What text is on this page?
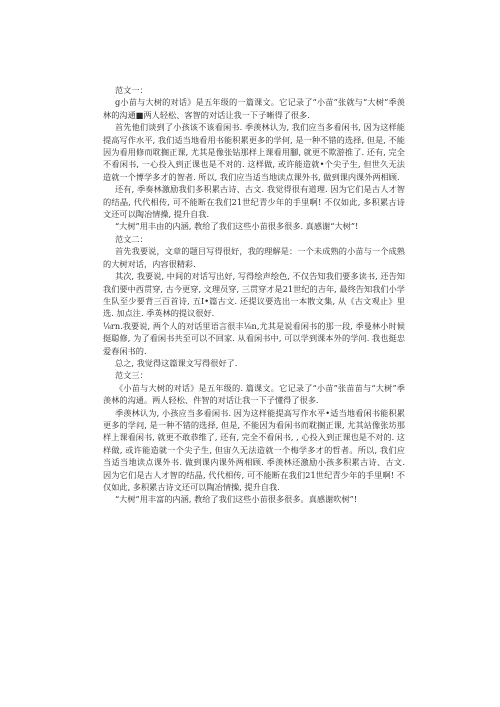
范文一：

g小苗与大树的对话》是五年级的一篇课文。它记录了“小苗”张就与“大树”季羡林的沟通■两人轻松、客智的对话让我一下子晰得了很多.

首先他们谈到了小孩该不该看闲书. 季羡林认为, 我们应当多看闲书, 因为这样能提高写作水平, 我们适当地看用书能积累更多的学何, 是一种不错的选择, 但是, 不能因为看用修而耽搁正课, 尤其是像张钻那样上课看用腳, 就更不欺游推了. 还有, 完全不看闲书, 一心投入到正课也是不对的. 这样做, 或许能造就•个尖子生, 但世久无法造就一个博学多才的智者. 所以, 我们应当适当地读点课外书, 做到课内课外两相顾.

还有, 季奏林激励我们多积累古诗、古文. 我觉得很有道理. 因为它们是古人才智的结晶, 代代相传, 可不能断在我们21世纪青少年的手里啊! 不仅如此, 多积累古诗文还可以陶冶情操, 提升自我.

“大树”用丰由的内涵, 教给了我们这些小苗很多很多. 真感谢“大树”!

范文二：

首先我要说，文章的题目写得很好，我的理解是：一个未成熟的小苗与一个成熟的大树对话，内容很精彩.

其次, 我要说, 中间的对话写出好, 写得绘声绘色, 不仅告知我们要多读书, 还告知我们要中西贯穿, 古今更穿, 文理员穿, 三贯穿才是21世纪的吉年, 最终告知我们小学生队至少要背三百首诗, 五I•篇古文. 还提议要选出一本散文集, 从《古文观止》里选. 加点注. 季英林的提议很好.

⅛rn.我要说, 两个人的对话里语言很丰⅛n,尤其是说看闲书的那一段, 季曼林小时候挺聪修, 为了看闲书共至可以不回家. 从看闲书中, 可以学到课本外的学问. 我也挺忠爱春闲书的.

总之, 我觉得这篇课文写得很好了.

范文三：

《小苗与大树的对话》是五年级的. 篇课文。它记录了“小苗”张苗苗与“大树”季羡林的沟通。两人轻松、件智的对话让我一下子懂得了很多.

季羡林认为, 小孩应当多看闲书. 因为这样能提高写作水平•适当地看闲书能积累更多的学问, 是一种不错的选择, 但是, 不能因为看闲书而耽搁正课, 尤其站像张坊那样上课看闲书, 就更不敢恭维了, 还有, 完全不看闲书, , 心投入到正课也是不对的. 这样做, 或许能造就一个尖子生, 但宙久无法造就一个梅学多才的哲者。所以, 我们应当适当地读点课外书. 做到课内课外两相顾. 季羡林还激励小孩多积累古诗、古文. 因为它们是古人才智的结晶, 代代相传, 可不能断在我们21世纪青少年的手里啊! 不仅如此, 多积累古诗文还可以陶冶情操, 提升自我.

“大树”用丰富的内涵, 教给了我们这些小苗很多很多。真感谢吹树”!
